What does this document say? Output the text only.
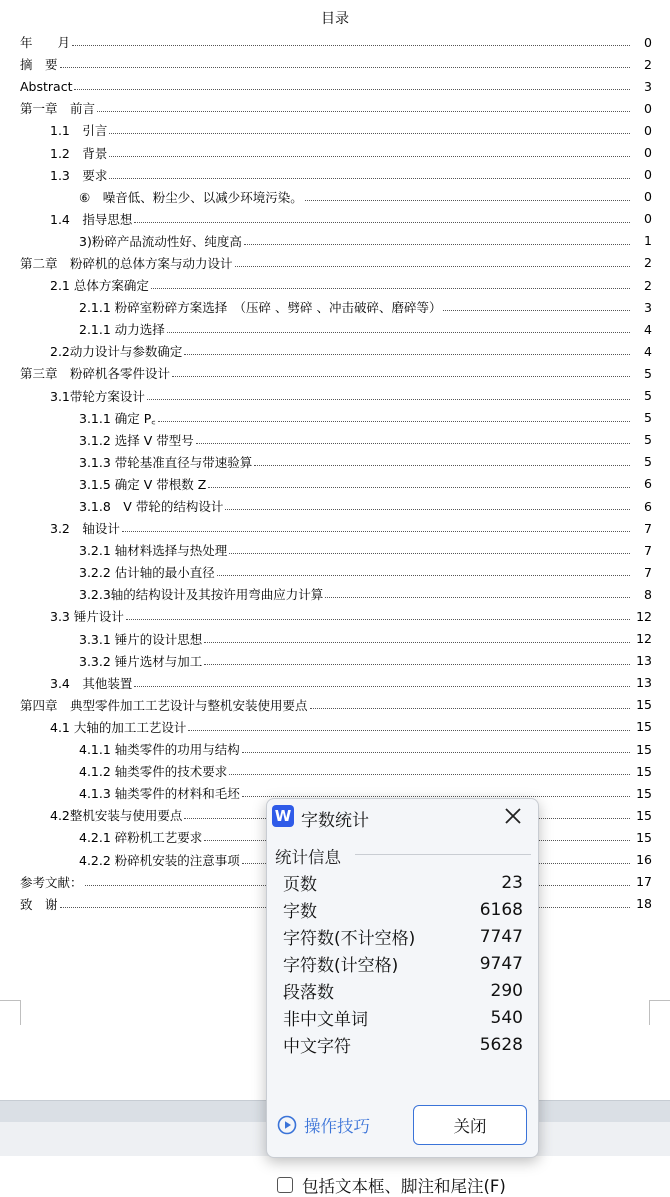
目录
年　　月	0
摘　要	2
Abstract	3
第一章　前言	0
1.1　引言	0
1.2　背景	0
1.3　要求	0
⑥　噪音低、粉尘少、以减少环境污染。	0
1.4　指导思想	0
3)粉碎产品流动性好、纯度高	1
第二章　粉碎机的总体方案与动力设计	2
2.1 总体方案确定	2
2.1.1 粉碎室粉碎方案选择　（压碎 、劈碎 、冲击破碎、磨碎等）	3
2.1.1 动力选择	4
2.2动力设计与参数确定	4
第三章　粉碎机各零件设计	5
3.1带轮方案设计	5
3.1.1 确定 P꜀	5
3.1.2 选择 V 带型号	5
3.1.3 带轮基准直径与带速验算	5
3.1.5 确定 V 带根数 Z	6
3.1.8　V 带轮的结构设计	6
3.2　轴设计	7
3.2.1 轴材料选择与热处理	7
3.2.2 估计轴的最小直径	7
3.2.3轴的结构设计及其按许用弯曲应力计算	8
3.3 锤片设计	12
3.3.1 锤片的设计思想	12
3.3.2 锤片选材与加工	13
3.4　其他装置	13
第四章　典型零件加工工艺设计与整机安装使用要点	15
4.1 大轴的加工工艺设计	15
4.1.1 轴类零件的功用与结构	15
4.1.2 轴类零件的技术要求	15
4.1.3 轴类零件的材料和毛坯	15
4.2整机安装与使用要点	15
4.2.1 碎粉机工艺要求	15
4.2.2 粉碎机安装的注意事项	16
参考文献：	17
致　谢	18
W 字数统计
统计信息
页数	23
字数	6168
字符数(不计空格)	7747
字符数(计空格)	9747
段落数	290
非中文单词	540
中文字符	5628
包括文本框、脚注和尾注(F)
操作技巧	关闭
